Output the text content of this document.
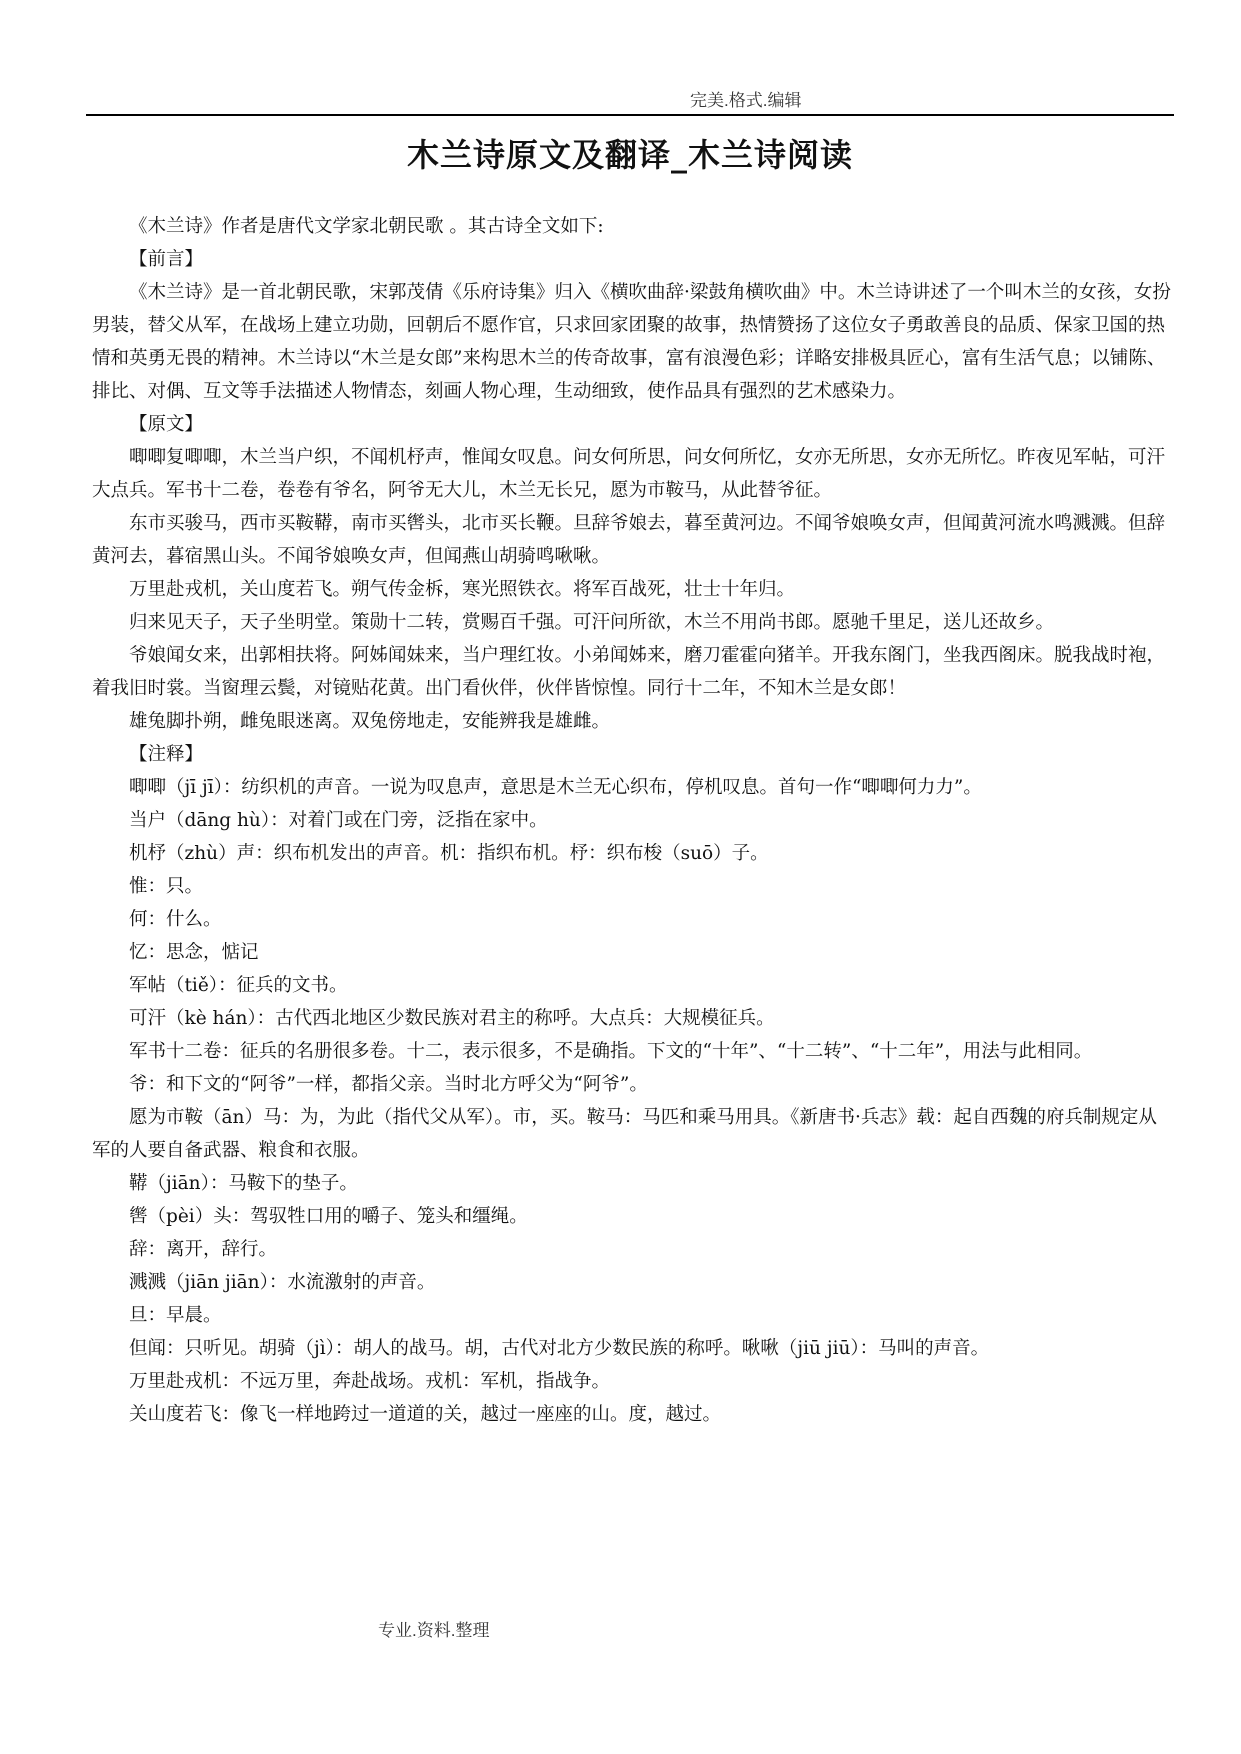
完美.格式.编辑
木兰诗原文及翻译_木兰诗阅读

《木兰诗》作者是唐代文学家北朝民歌 。其古诗全文如下:

【前言】

《木兰诗》是一首北朝民歌，宋郭茂倩《乐府诗集》归入《横吹曲辞·梁鼓角横吹曲》中。木兰诗讲述了一个叫木兰的女孩，女扮男装，替父从军，在战场上建立功勋，回朝后不愿作官，只求回家团聚的故事，热情赞扬了这位女子勇敢善良的品质、保家卫国的热情和英勇无畏的精神。木兰诗以“木兰是女郎”来构思木兰的传奇故事，富有浪漫色彩；详略安排极具匠心，富有生活气息；以铺陈、排比、对偶、互文等手法描述人物情态，刻画人物心理，生动细致，使作品具有强烈的艺术感染力。

【原文】

唧唧复唧唧，木兰当户织，不闻机杼声，惟闻女叹息。问女何所思，问女何所忆，女亦无所思，女亦无所忆。昨夜见军帖，可汗大点兵。军书十二卷，卷卷有爷名，阿爷无大儿，木兰无长兄，愿为市鞍马，从此替爷征。

东市买骏马，西市买鞍鞯，南市买辔头，北市买长鞭。旦辞爷娘去，暮至黄河边。不闻爷娘唤女声，但闻黄河流水鸣溅溅。但辞黄河去，暮宿黑山头。不闻爷娘唤女声，但闻燕山胡骑鸣啾啾。

万里赴戎机，关山度若飞。朔气传金柝，寒光照铁衣。将军百战死，壮士十年归。

归来见天子，天子坐明堂。策勋十二转，赏赐百千强。可汗问所欲，木兰不用尚书郎。愿驰千里足，送儿还故乡。

爷娘闻女来，出郭相扶将。阿姊闻妹来，当户理红妆。小弟闻姊来，磨刀霍霍向猪羊。开我东阁门，坐我西阁床。脱我战时袍，着我旧时裳。当窗理云鬓，对镜贴花黄。出门看伙伴，伙伴皆惊惶。同行十二年，不知木兰是女郎！

雄兔脚扑朔，雌兔眼迷离。双兔傍地走，安能辨我是雄雌。

【注释】

唧唧（jī jī）：纺织机的声音。一说为叹息声，意思是木兰无心织布，停机叹息。首句一作“唧唧何力力”。

当户（dāng hù）：对着门或在门旁，泛指在家中。

机杼（zhù）声：织布机发出的声音。机：指织布机。杼：织布梭（suō）子。

惟：只。

何：什么。

忆：思念，惦记

军帖（tiě）：征兵的文书。

可汗（kè hán）：古代西北地区少数民族对君主的称呼。大点兵：大规模征兵。

军书十二卷：征兵的名册很多卷。十二，表示很多，不是确指。下文的“十年”、“十二转”、“十二年”，用法与此相同。

爷：和下文的“阿爷”一样，都指父亲。当时北方呼父为“阿爷”。

愿为市鞍（ān）马：为，为此（指代父从军）。市，买。鞍马：马匹和乘马用具。《新唐书·兵志》载：起自西魏的府兵制规定从军的人要自备武器、粮食和衣服。

鞯（jiān）：马鞍下的垫子。

辔（pèi）头：驾驭牲口用的嚼子、笼头和缰绳。

辞：离开，辞行。

溅溅（jiān jiān）：水流激射的声音。

旦：早晨。

但闻：只听见。胡骑（jì）：胡人的战马。胡，古代对北方少数民族的称呼。啾啾（jiū jiū）：马叫的声音。

万里赴戎机：不远万里，奔赴战场。戎机：军机，指战争。

关山度若飞：像飞一样地跨过一道道的关，越过一座座的山。度，越过。

专业.资料.整理
